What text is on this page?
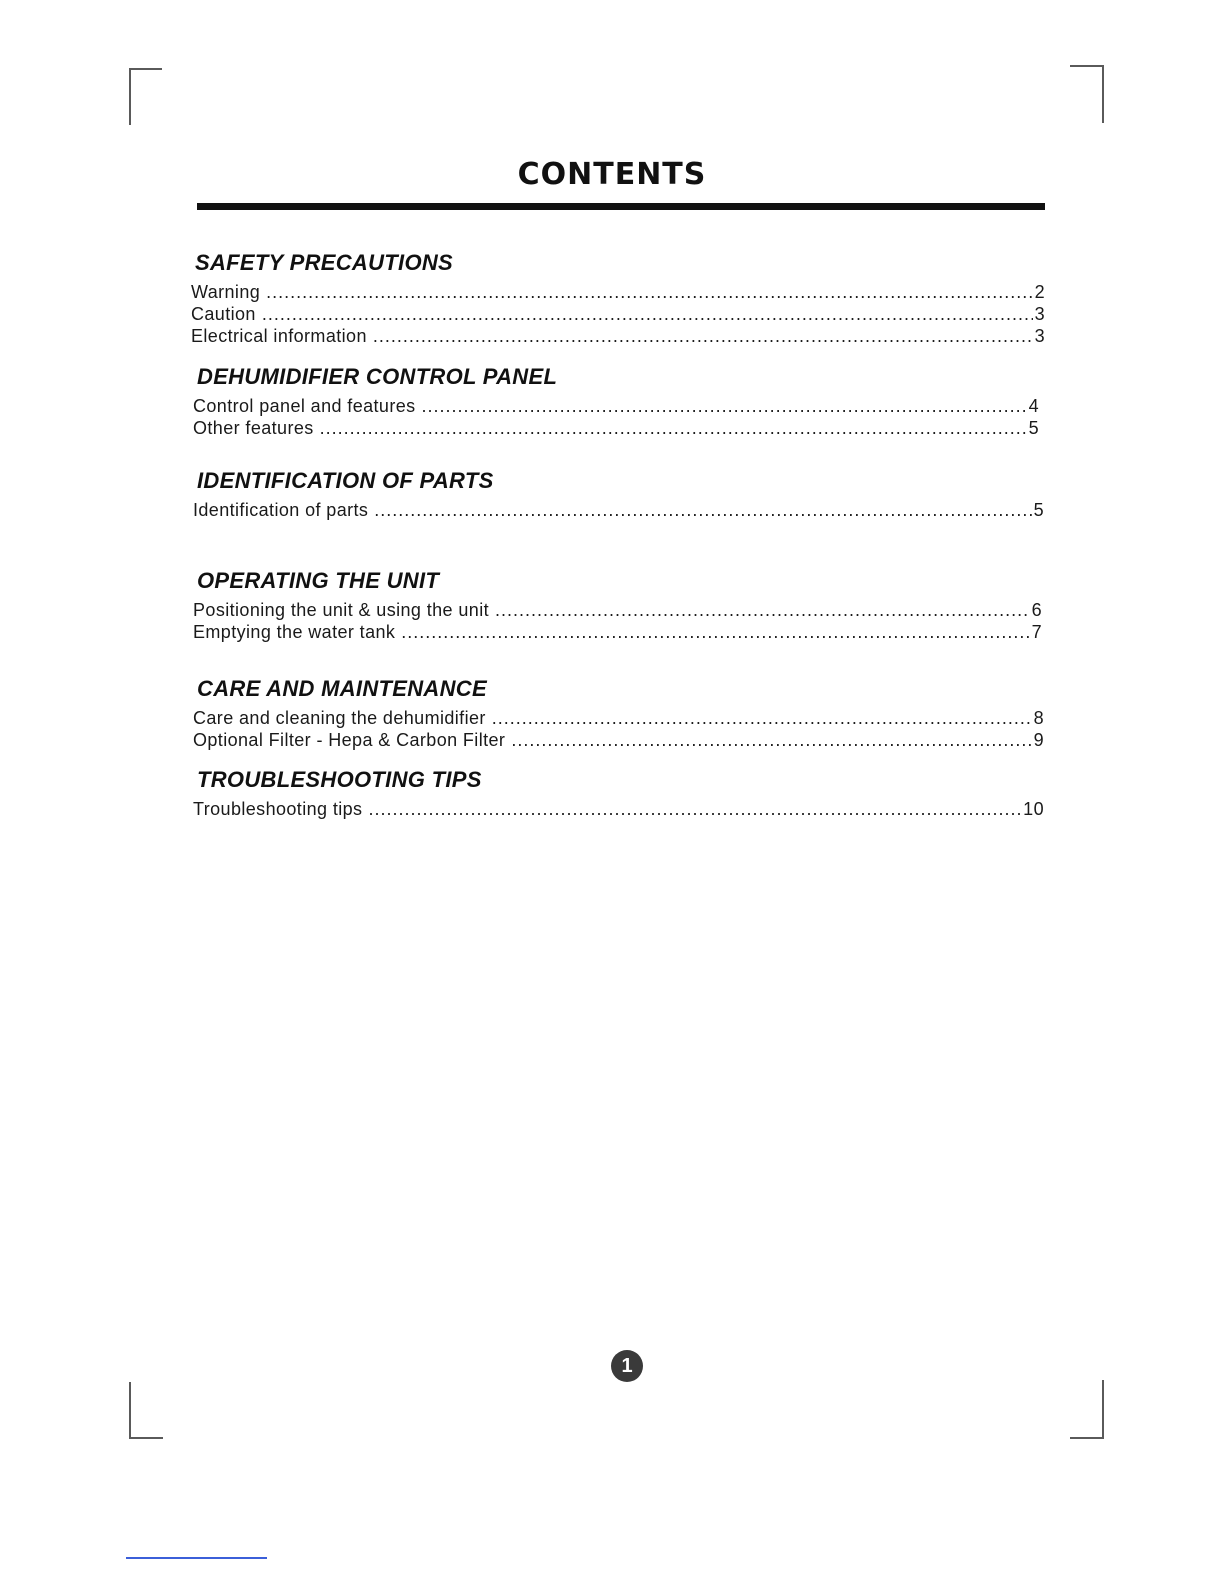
CONTENTS
SAFETY PRECAUTIONS
Warning .....	2
Caution .....	3
Electrical information .....	3
DEHUMIDIFIER CONTROL PANEL
Control panel and features .....	4
Other features .....	5
IDENTIFICATION OF PARTS
Identification of parts .....	5
OPERATING THE UNIT
Positioning the unit & using the unit .....	6
Emptying the water tank .....	7
CARE AND MAINTENANCE
Care and cleaning the dehumidifier .....	8
Optional Filter - Hepa & Carbon Filter .....	9
TROUBLESHOOTING TIPS
Troubleshooting tips .....	10
1
